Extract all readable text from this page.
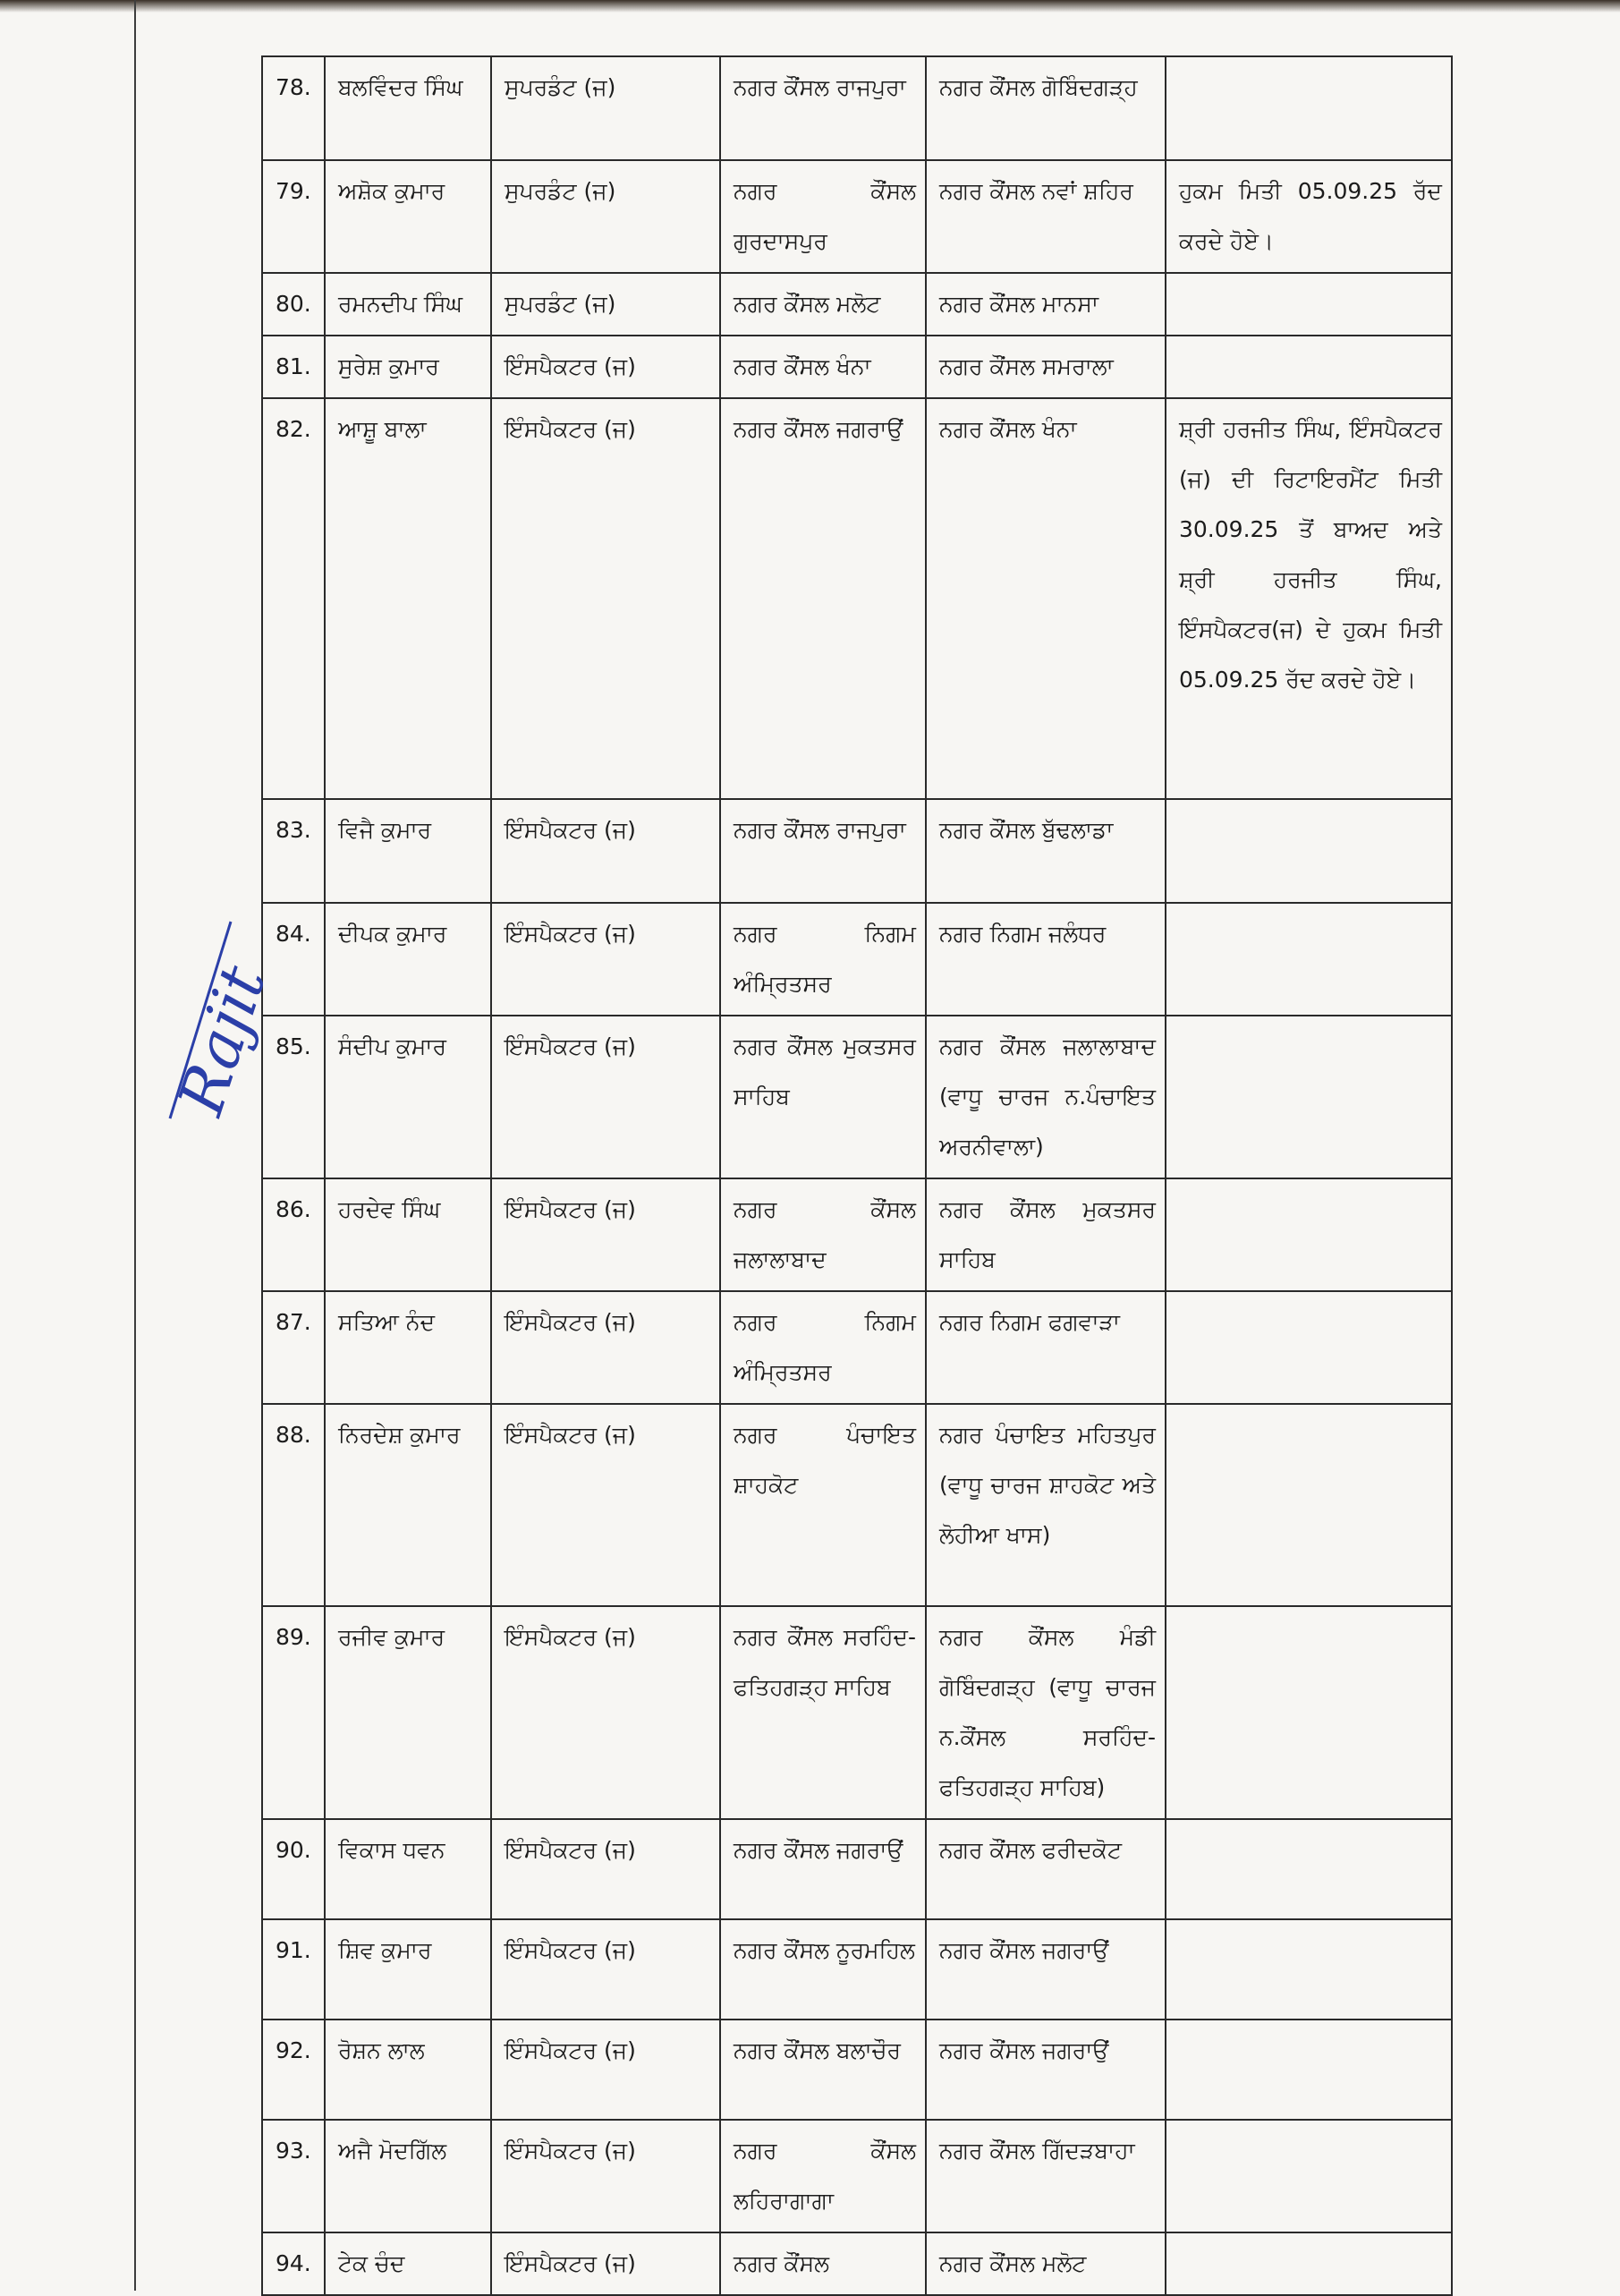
78.	ਬਲਵਿੰਦਰ ਸਿੰਘ	ਸੁਪਰਡੰਟ (ਜ)	ਨਗਰ ਕੌਂਸਲ ਰਾਜਪੁਰਾ	ਨਗਰ ਕੌਂਸਲ ਗੋਬਿੰਦਗੜ੍ਹ	
79.	ਅਸ਼ੋਕ ਕੁਮਾਰ	ਸੁਪਰਡੰਟ (ਜ)	ਨਗਰ ਕੌਂਸਲ ਗੁਰਦਾਸਪੁਰ	ਨਗਰ ਕੌਂਸਲ ਨਵਾਂ ਸ਼ਹਿਰ	ਹੁਕਮ ਮਿਤੀ 05.09.25 ਰੱਦ ਕਰਦੇ ਹੋਏ।
80.	ਰਮਨਦੀਪ ਸਿੰਘ	ਸੁਪਰਡੰਟ (ਜ)	ਨਗਰ ਕੌਂਸਲ ਮਲੋਟ	ਨਗਰ ਕੌਂਸਲ ਮਾਨਸਾ	
81.	ਸੁਰੇਸ਼ ਕੁਮਾਰ	ਇੰਸਪੈਕਟਰ (ਜ)	ਨਗਰ ਕੌਂਸਲ ਖੰਨਾ	ਨਗਰ ਕੌਂਸਲ ਸਮਰਾਲਾ	
82.	ਆਸ਼ੂ ਬਾਲਾ	ਇੰਸਪੈਕਟਰ (ਜ)	ਨਗਰ ਕੌਂਸਲ ਜਗਰਾਉਂ	ਨਗਰ ਕੌਂਸਲ ਖੰਨਾ	ਸ਼੍ਰੀ ਹਰਜੀਤ ਸਿੰਘ, ਇੰਸਪੈਕਟਰ (ਜ) ਦੀ ਰਿਟਾਇਰਮੈਂਟ ਮਿਤੀ 30.09.25 ਤੋਂ ਬਾਅਦ ਅਤੇ ਸ਼੍ਰੀ ਹਰਜੀਤ ਸਿੰਘ, ਇੰਸਪੈਕਟਰ(ਜ) ਦੇ ਹੁਕਮ ਮਿਤੀ 05.09.25 ਰੱਦ ਕਰਦੇ ਹੋਏ।
83.	ਵਿਜੈ ਕੁਮਾਰ	ਇੰਸਪੈਕਟਰ (ਜ)	ਨਗਰ ਕੌਂਸਲ ਰਾਜਪੁਰਾ	ਨਗਰ ਕੌਂਸਲ ਬੁੱਢਲਾਡਾ	
84.	ਦੀਪਕ ਕੁਮਾਰ	ਇੰਸਪੈਕਟਰ (ਜ)	ਨਗਰ ਨਿਗਮ ਅੰਮ੍ਰਿਤਸਰ	ਨਗਰ ਨਿਗਮ ਜਲੰਧਰ	
85.	ਸੰਦੀਪ ਕੁਮਾਰ	ਇੰਸਪੈਕਟਰ (ਜ)	ਨਗਰ ਕੌਂਸਲ ਮੁਕਤਸਰ ਸਾਹਿਬ	ਨਗਰ ਕੌਂਸਲ ਜਲਾਲਾਬਾਦ (ਵਾਧੂ ਚਾਰਜ ਨ.ਪੰਚਾਇਤ ਅਰਨੀਵਾਲਾ)	
86.	ਹਰਦੇਵ ਸਿੰਘ	ਇੰਸਪੈਕਟਰ (ਜ)	ਨਗਰ ਕੌਂਸਲ ਜਲਾਲਾਬਾਦ	ਨਗਰ ਕੌਂਸਲ ਮੁਕਤਸਰ ਸਾਹਿਬ	
87.	ਸਤਿਆ ਨੰਦ	ਇੰਸਪੈਕਟਰ (ਜ)	ਨਗਰ ਨਿਗਮ ਅੰਮ੍ਰਿਤਸਰ	ਨਗਰ ਨਿਗਮ ਫਗਵਾੜਾ	
88.	ਨਿਰਦੇਸ਼ ਕੁਮਾਰ	ਇੰਸਪੈਕਟਰ (ਜ)	ਨਗਰ ਪੰਚਾਇਤ ਸ਼ਾਹਕੋਟ	ਨਗਰ ਪੰਚਾਇਤ ਮਹਿਤਪੁਰ (ਵਾਧੂ ਚਾਰਜ ਸ਼ਾਹਕੋਟ ਅਤੇ ਲੋਹੀਆ ਖਾਸ)	
89.	ਰਜੀਵ ਕੁਮਾਰ	ਇੰਸਪੈਕਟਰ (ਜ)	ਨਗਰ ਕੌਂਸਲ ਸਰਹਿੰਦ-ਫਤਿਹਗੜ੍ਹ ਸਾਹਿਬ	ਨਗਰ ਕੌਂਸਲ ਮੰਡੀ ਗੋਬਿੰਦਗੜ੍ਹ (ਵਾਧੂ ਚਾਰਜ ਨ.ਕੌਂਸਲ ਸਰਹਿੰਦ-ਫਤਿਹਗੜ੍ਹ ਸਾਹਿਬ)	
90.	ਵਿਕਾਸ ਧਵਨ	ਇੰਸਪੈਕਟਰ (ਜ)	ਨਗਰ ਕੌਂਸਲ ਜਗਰਾਉਂ	ਨਗਰ ਕੌਂਸਲ ਫਰੀਦਕੋਟ	
91.	ਸ਼ਿਵ ਕੁਮਾਰ	ਇੰਸਪੈਕਟਰ (ਜ)	ਨਗਰ ਕੌਂਸਲ ਨੂਰਮਹਿਲ	ਨਗਰ ਕੌਂਸਲ ਜਗਰਾਉਂ	
92.	ਰੋਸ਼ਨ ਲਾਲ	ਇੰਸਪੈਕਟਰ (ਜ)	ਨਗਰ ਕੌਂਸਲ ਬਲਾਚੌਰ	ਨਗਰ ਕੌਂਸਲ ਜਗਰਾਉਂ	
93.	ਅਜੈ ਮੋਦਗਿੱਲ	ਇੰਸਪੈਕਟਰ (ਜ)	ਨਗਰ ਕੌਂਸਲ ਲਹਿਰਾਗਾਗਾ	ਨਗਰ ਕੌਂਸਲ ਗਿੱਦੜਬਾਹਾ	
94.	ਟੇਕ ਚੰਦ	ਇੰਸਪੈਕਟਰ (ਜ)	ਨਗਰ ਕੌਂਸਲ	ਨਗਰ ਕੌਂਸਲ ਮਲੋਟ	
Rajit
